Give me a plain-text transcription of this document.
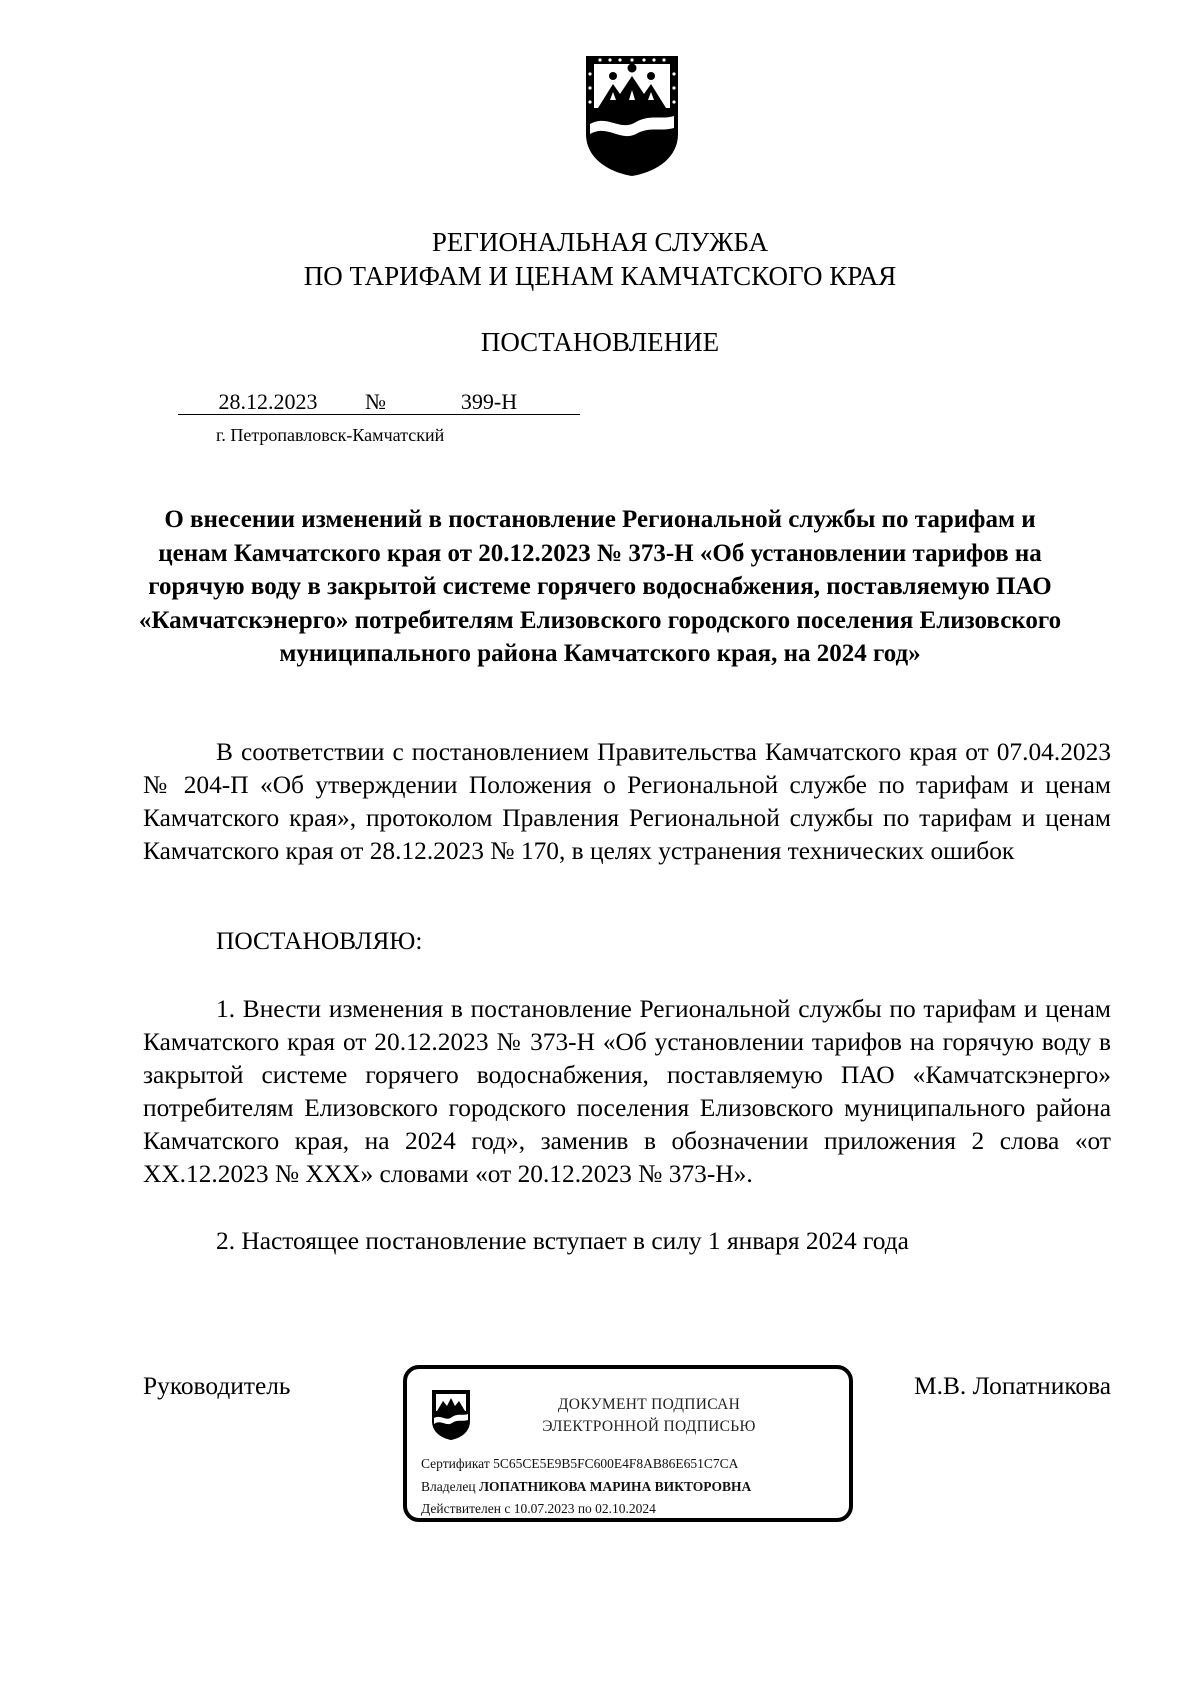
РЕГИОНАЛЬНАЯ СЛУЖБА
ПО ТАРИФАМ И ЦЕНАМ КАМЧАТСКОГО КРАЯ
ПОСТАНОВЛЕНИЕ
28.12.2023	№	399-Н
г. Петропавловск-Камчатский

О внесении изменений в постановление Региональной службы по тарифам и ценам Камчатского края от 20.12.2023 № 373-Н «Об установлении тарифов на горячую воду в закрытой системе горячего водоснабжения, поставляемую ПАО «Камчатскэнерго» потребителям Елизовского городского поселения Елизовского муниципального района Камчатского края, на 2024 год»

В соответствии с постановлением Правительства Камчатского края от 07.04.2023 № 204-П «Об утверждении Положения о Региональной службе по тарифам и ценам Камчатского края», протоколом Правления Региональной службы по тарифам и ценам Камчатского края от 28.12.2023 № 170, в целях устранения технических ошибок

ПОСТАНОВЛЯЮ:

1. Внести изменения в постановление Региональной службы по тарифам и ценам Камчатского края от 20.12.2023 № 373-Н «Об установлении тарифов на горячую воду в закрытой системе горячего водоснабжения, поставляемую ПАО «Камчатскэнерго» потребителям Елизовского городского поселения Елизовского муниципального района Камчатского края, на 2024 год», заменив в обозначении приложения 2 слова «от ХХ.12.2023 № ХХХ» словами «от 20.12.2023 № 373-Н».

2. Настоящее постановление вступает в силу 1 января 2024 года

Руководитель	М.В. Лопатникова
ДОКУМЕНТ ПОДПИСАН
ЭЛЕКТРОННОЙ ПОДПИСЬЮ
Сертификат 5C65CE5E9B5FC600E4F8AB86E651C7CA
Владелец ЛОПАТНИКОВА МАРИНА ВИКТОРОВНА
Действителен с 10.07.2023 по 02.10.2024
